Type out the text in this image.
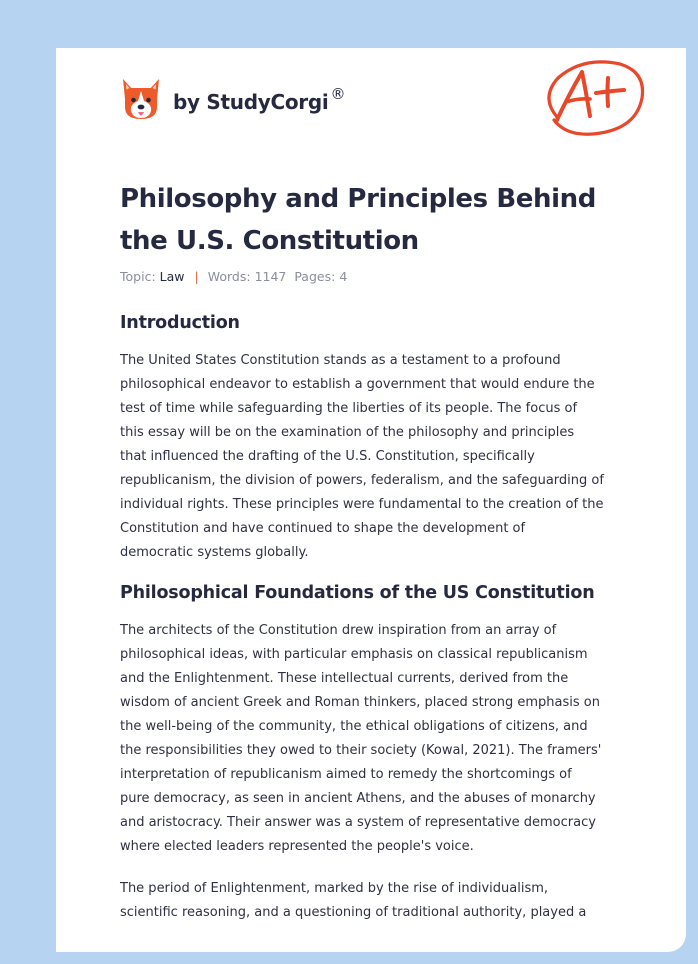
by StudyCorgi ®
Philosophy and Principles Behind the U.S. Constitution
Topic: Law | Words: 1147 Pages: 4
Introduction

The United States Constitution stands as a testament to a profound
philosophical endeavor to establish a government that would endure the
test of time while safeguarding the liberties of its people. The focus of
this essay will be on the examination of the philosophy and principles
that influenced the drafting of the U.S. Constitution, specifically
republicanism, the division of powers, federalism, and the safeguarding of
individual rights. These principles were fundamental to the creation of the
Constitution and have continued to shape the development of
democratic systems globally.

Philosophical Foundations of the US Constitution

The architects of the Constitution drew inspiration from an array of
philosophical ideas, with particular emphasis on classical republicanism
and the Enlightenment. These intellectual currents, derived from the
wisdom of ancient Greek and Roman thinkers, placed strong emphasis on
the well-being of the community, the ethical obligations of citizens, and
the responsibilities they owed to their society (Kowal, 2021). The framers'
interpretation of republicanism aimed to remedy the shortcomings of
pure democracy, as seen in ancient Athens, and the abuses of monarchy
and aristocracy. Their answer was a system of representative democracy
where elected leaders represented the people's voice.

The period of Enlightenment, marked by the rise of individualism,
scientific reasoning, and a questioning of traditional authority, played a
